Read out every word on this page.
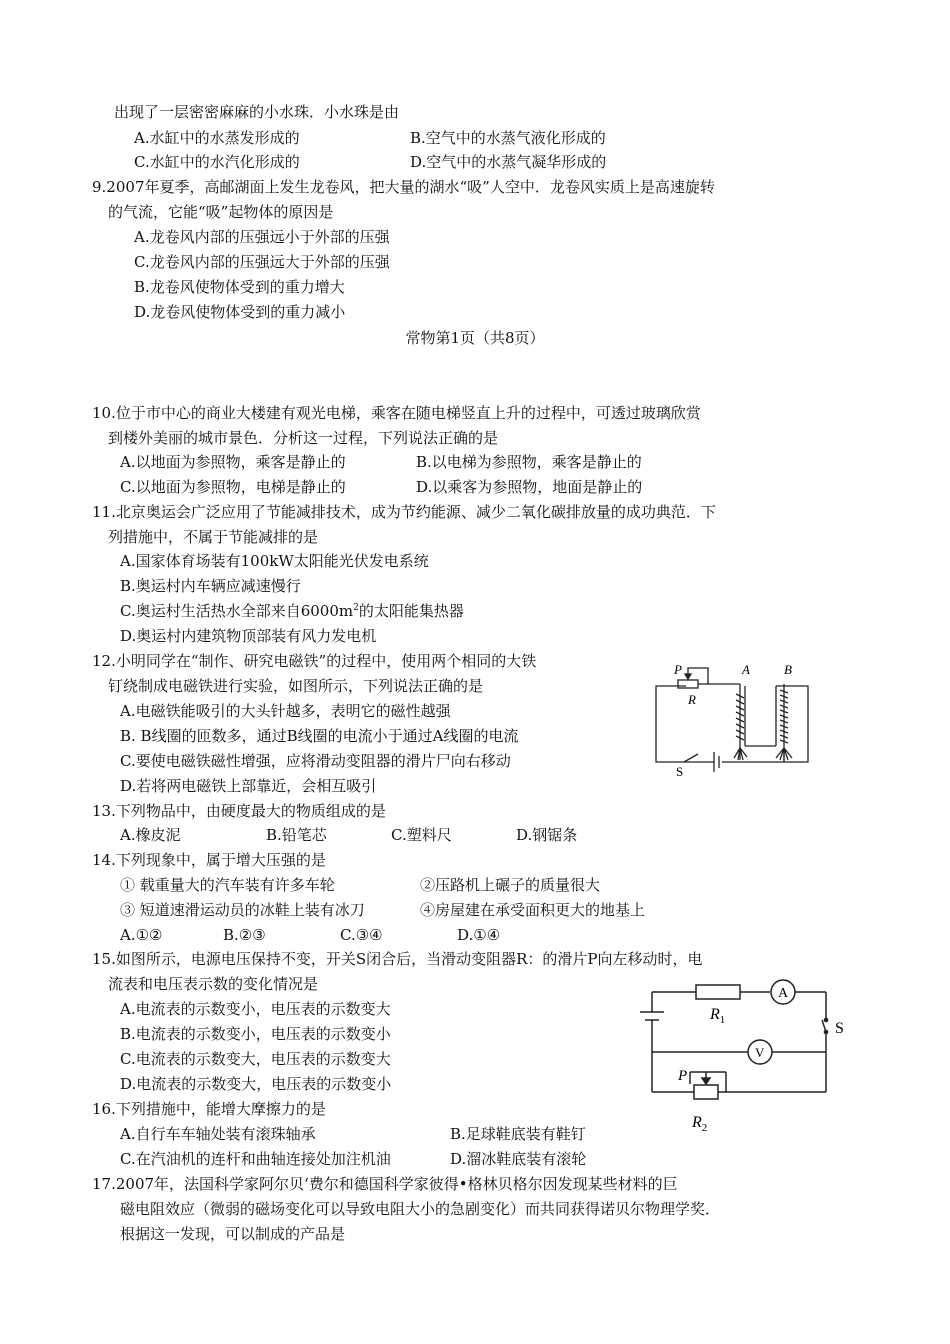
出现了一层密密麻麻的小水珠．小水珠是由
A.水缸中的水蒸发形成的	B.空气中的水蒸气液化形成的
C.水缸中的水汽化形成的	D.空气中的水蒸气凝华形成的
9.2007年夏季，高邮湖面上发生龙卷风，把大量的湖水“吸”人空中．龙卷风实质上是高速旋转
的气流，它能“吸”起物体的原因是
A.龙卷风内部的压强远小于外部的压强
C.龙卷风内部的压强远大于外部的压强
B.龙卷风使物体受到的重力增大
D.龙卷风使物体受到的重力减小
常物第1页（共8页）
10.位于市中心的商业大楼建有观光电梯，乘客在随电梯竖直上升的过程中，可透过玻璃欣赏
到楼外美丽的城市景色．分析这一过程，下列说法正确的是
A.以地面为参照物，乘客是静止的	B.以电梯为参照物，乘客是静止的
C.以地面为参照物，电梯是静止的	D.以乘客为参照物，地面是静止的
11.北京奥运会广泛应用了节能减排技术，成为节约能源、减少二氧化碳排放量的成功典范．下
列措施中，不属于节能减排的是
A.国家体育场装有100kW太阳能光伏发电系统
B.奥运村内车辆应减速慢行
C.奥运村生活热水全部来自$6000m^2$的太阳能集热器
D.奥运村内建筑物顶部装有风力发电机
12.小明同学在“制作、研究电磁铁”的过程中，使用两个相同的大铁
钉绕制成电磁铁进行实验，如图所示，下列说法正确的是
A.电磁铁能吸引的大头针越多，表明它的磁性越强
B. B线圈的匝数多，通过B线圈的电流小于通过A线圈的电流
C.要使电磁铁磁性增强，应将滑动变阻器的滑片尸向右移动
D.若将两电磁铁上部靠近，会相互吸引
P
R
S
A	B
13.下列物品中，由硬度最大的物质组成的是
A.橡皮泥	B.铅笔芯	C.塑料尺	D.钢锯条
14.下列现象中，属于增大压强的是
① 载重量大的汽车装有许多车轮	②压路机上碾子的质量很大
③ 短道速滑运动员的冰鞋上装有冰刀	④房屋建在承受面积更大的地基上
A.①②	B.②③	C.③④	D.①④
15.如图所示，电源电压保持不变，开关S闭合后，当滑动变阻器R：的滑片P向左移动时，电
流表和电压表示数的变化情况是
A.电流表的示数变小，电压表的示数变大
B.电流表的示数变小，电压表的示数变小
C.电流表的示数变大，电压表的示数变大
D.电流表的示数变大，电压表的示数变小
A
V
$R_1$
$R_2$
S
P
16.下列措施中，能增大摩擦力的是
A.自行车车轴处装有滚珠轴承	B.足球鞋底装有鞋钉
C.在汽油机的连杆和曲轴连接处加注机油	D.溜冰鞋底装有滚轮
17.2007年，法国科学家阿尔贝‘费尔和德国科学家彼得•格林贝格尔因发现某些材料的巨
磁电阻效应（微弱的磁场变化可以导致电阻大小的急剧变化）而共同获得诺贝尔物理学奖．
根据这一发现，可以制成的产品是
